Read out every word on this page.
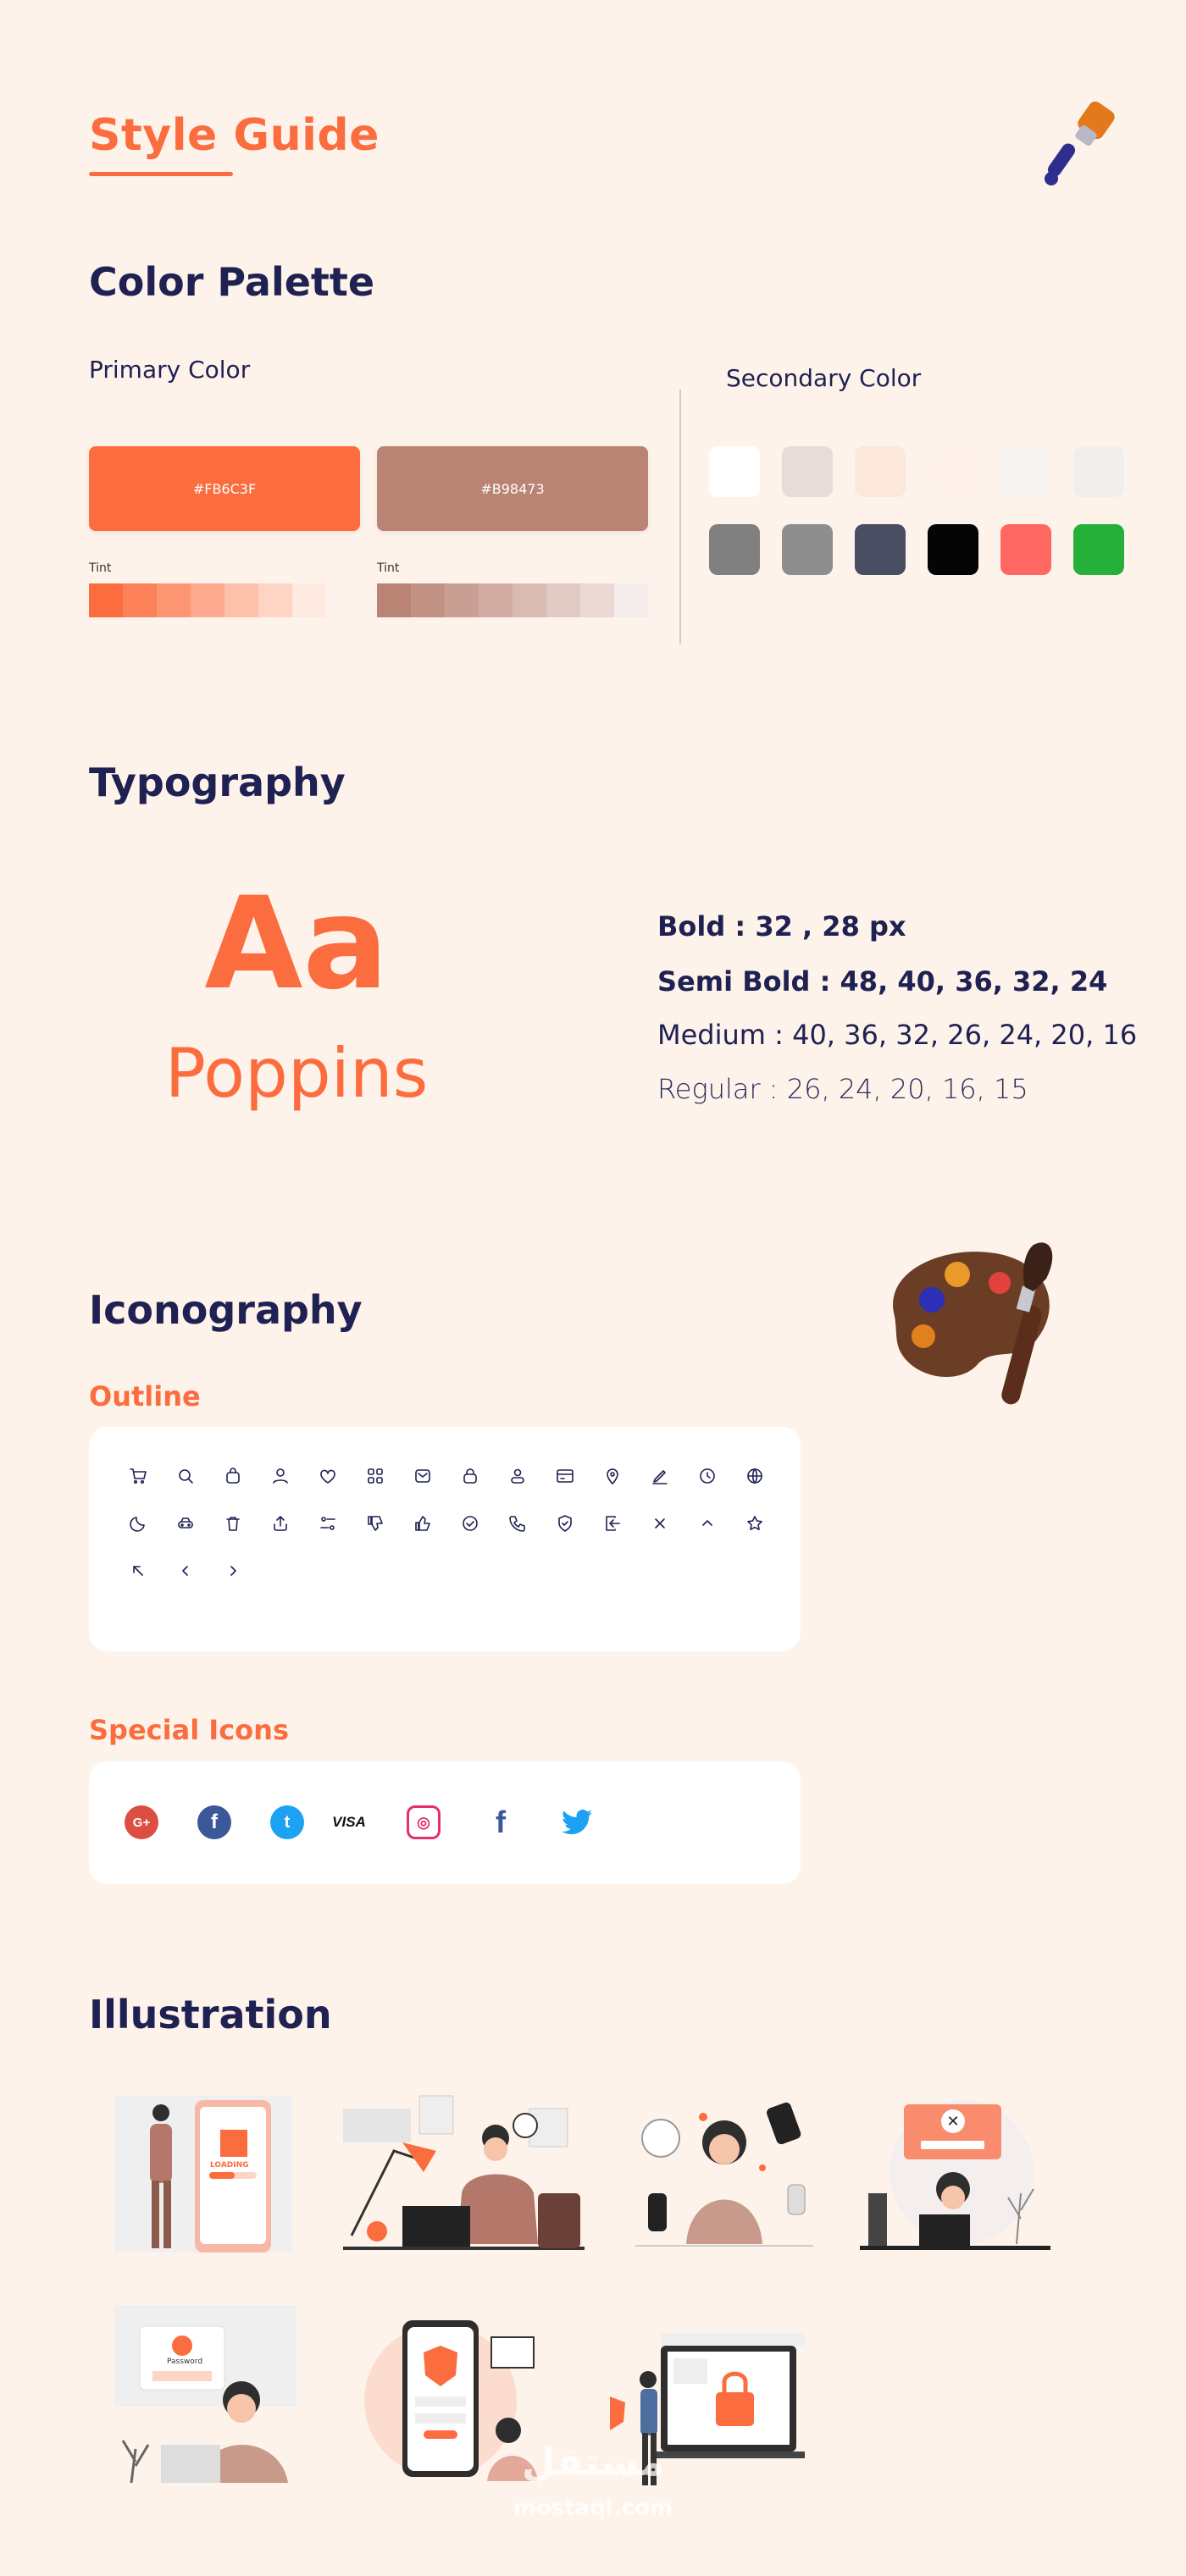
Style Guide
Color Palette
Primary Color	Secondary Color
#FB6C3F	#B98473
Tint	Tint
Typography
Aa
Poppins
Bold : 32 , 28 px
Semi Bold : 48, 40, 36, 32, 24
Medium : 40, 36, 32, 26, 24, 20, 16
Regular : 26, 24, 20, 16, 15
Iconography
Outline
Special Icons
G+	f	t	VISA	◎	f
Illustration
LOADING
✕
Password
مستقل
mostaql.com
